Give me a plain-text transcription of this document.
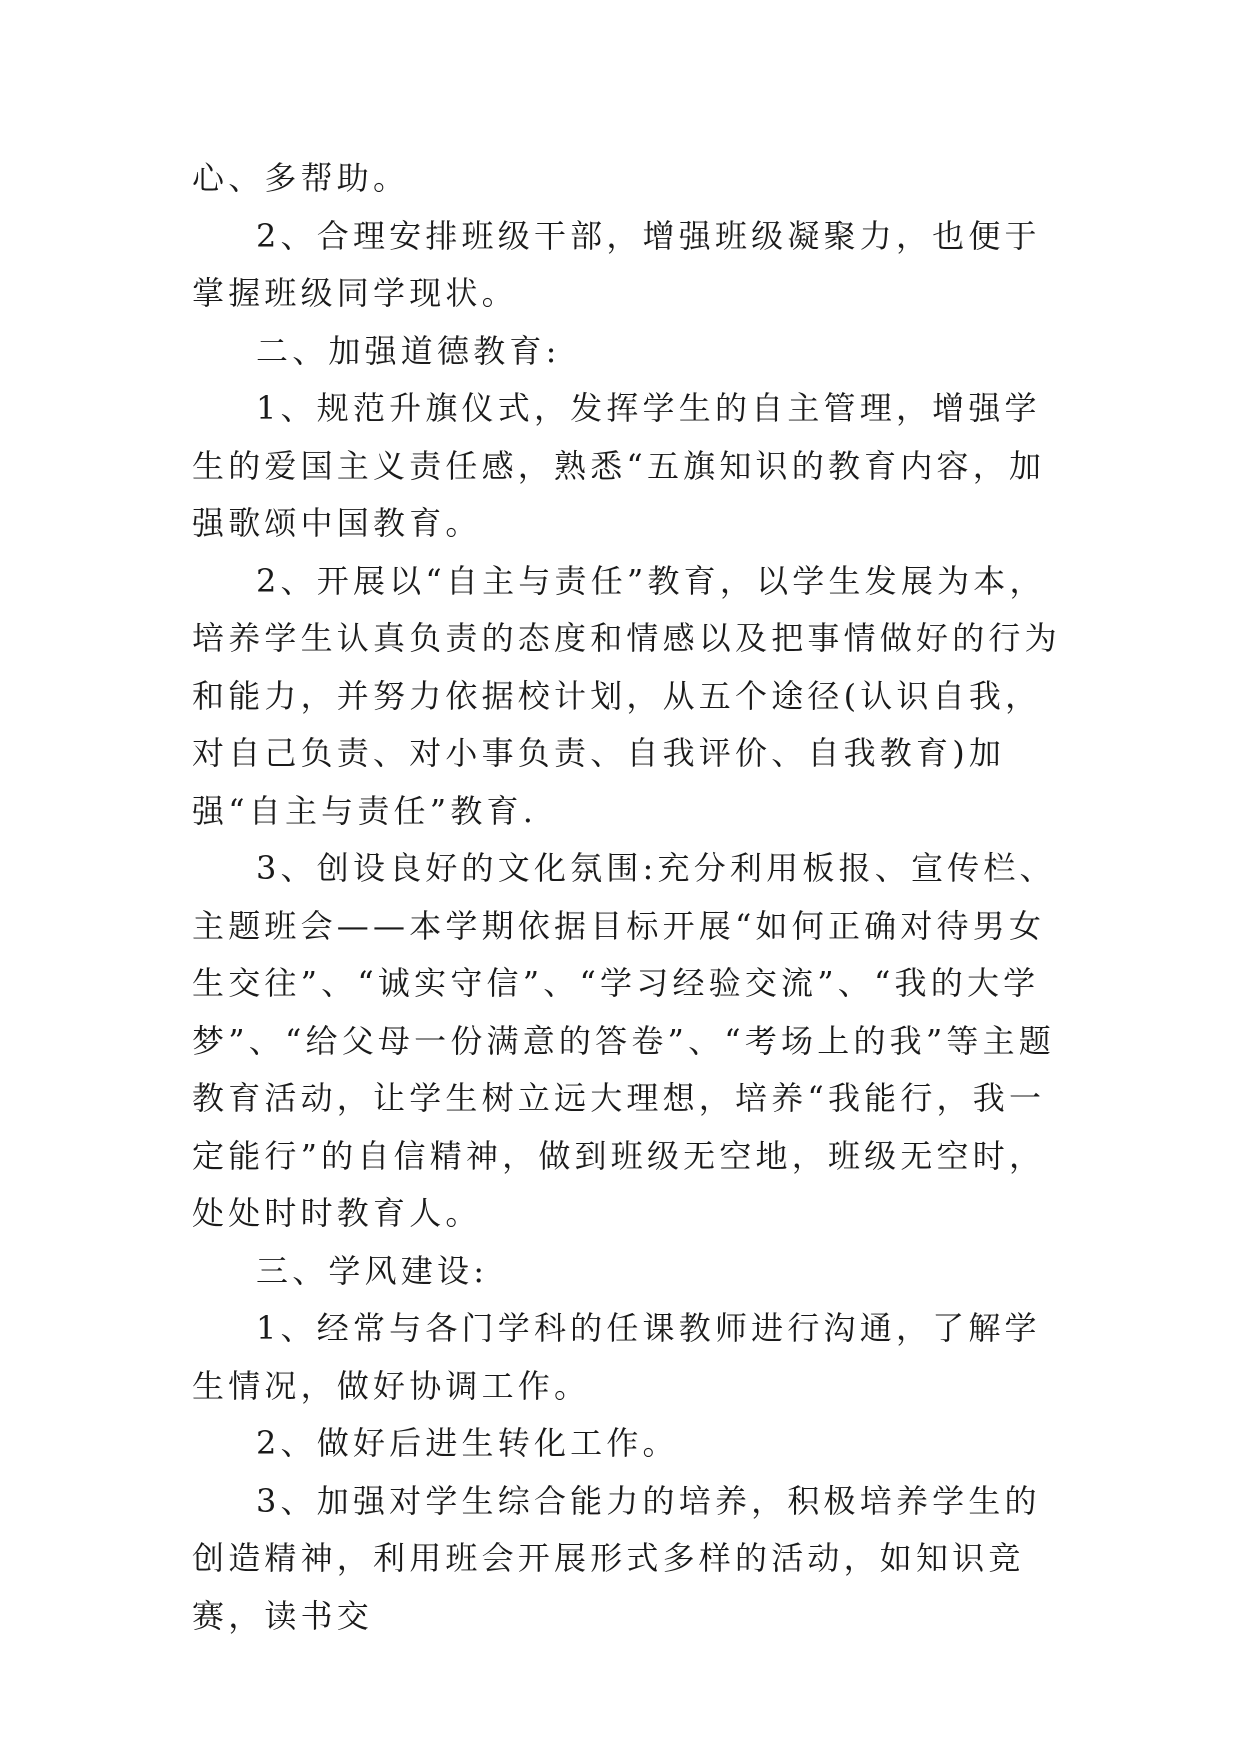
心、多帮助。

2、合理安排班级干部，增强班级凝聚力，也便于掌握班级同学现状。

二、加强道德教育:

1、规范升旗仪式，发挥学生的自主管理，增强学生的爱国主义责任感，熟悉“五旗知识的教育内容，加强歌颂中国教育。

2、开展以“自主与责任”教育，以学生发展为本，培养学生认真负责的态度和情感以及把事情做好的行为和能力，并努力依据校计划，从五个途径(认识自我，对自己负责、对小事负责、自我评价、自我教育)加强“自主与责任”教育.

3、创设良好的文化氛围:充分利用板报、宣传栏、主题班会——本学期依据目标开展“如何正确对待男女生交往”、“诚实守信”、“学习经验交流”、“我的大学梦”、“给父母一份满意的答卷”、“考场上的我”等主题教育活动，让学生树立远大理想，培养“我能行，我一定能行”的自信精神，做到班级无空地，班级无空时，处处时时教育人。

三、学风建设:

1、经常与各门学科的任课教师进行沟通，了解学生情况，做好协调工作。

2、做好后进生转化工作。

3、加强对学生综合能力的培养，积极培养学生的创造精神，利用班会开展形式多样的活动，如知识竞赛，读书交
